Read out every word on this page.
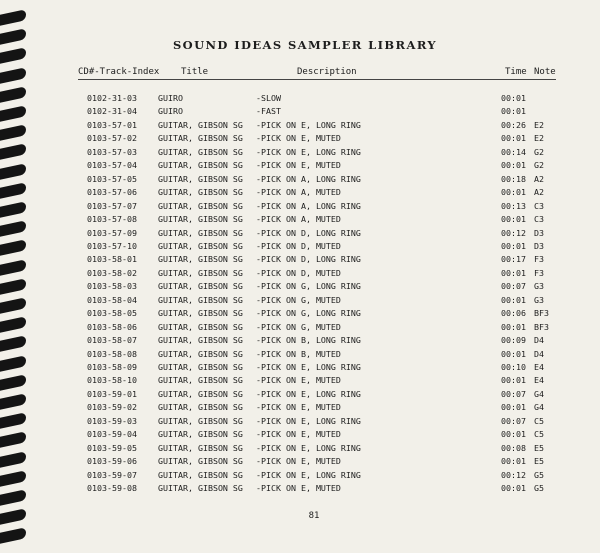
SOUND IDEAS SAMPLER LIBRARY
CD#-Track-Index Title	Description	Time Note
0102-31-03	GUIRO	-SLOW	00:01
0102-31-04	GUIRO	-FAST	00:01
0103-57-01	GUITAR, GIBSON SG -PICK ON E, LONG RING	00:26 E2
0103-57-02	GUITAR, GIBSON SG -PICK ON E, MUTED	00:01 E2
0103-57-03	GUITAR, GIBSON SG -PICK ON E, LONG RING	00:14 G2
0103-57-04	GUITAR, GIBSON SG -PICK ON E, MUTED	00:01 G2
0103-57-05	GUITAR, GIBSON SG -PICK ON A, LONG RING	00:18 A2
0103-57-06	GUITAR, GIBSON SG -PICK ON A, MUTED	00:01 A2
0103-57-07	GUITAR, GIBSON SG -PICK ON A, LONG RING	00:13 C3
0103-57-08	GUITAR, GIBSON SG -PICK ON A, MUTED	00:01 C3
0103-57-09	GUITAR, GIBSON SG -PICK ON D, LONG RING	00:12 D3
0103-57-10	GUITAR, GIBSON SG -PICK ON D, MUTED	00:01 D3
0103-58-01	GUITAR, GIBSON SG -PICK ON D, LONG RING	00:17 F3
0103-58-02	GUITAR, GIBSON SG -PICK ON D, MUTED	00:01 F3
0103-58-03	GUITAR, GIBSON SG -PICK ON G, LONG RING	00:07 G3
0103-58-04	GUITAR, GIBSON SG -PICK ON G, MUTED	00:01 G3
0103-58-05	GUITAR, GIBSON SG -PICK ON G, LONG RING	00:06 BF3
0103-58-06	GUITAR, GIBSON SG -PICK ON G, MUTED	00:01 BF3
0103-58-07	GUITAR, GIBSON SG -PICK ON B, LONG RING	00:09 D4
0103-58-08	GUITAR, GIBSON SG -PICK ON B, MUTED	00:01 D4
0103-58-09	GUITAR, GIBSON SG -PICK ON E, LONG RING	00:10 E4
0103-58-10	GUITAR, GIBSON SG -PICK ON E, MUTED	00:01 E4
0103-59-01	GUITAR, GIBSON SG -PICK ON E, LONG RING	00:07 G4
0103-59-02	GUITAR, GIBSON SG -PICK ON E, MUTED	00:01 G4
0103-59-03	GUITAR, GIBSON SG -PICK ON E, LONG RING	00:07 C5
0103-59-04	GUITAR, GIBSON SG -PICK ON E, MUTED	00:01 C5
0103-59-05	GUITAR, GIBSON SG -PICK ON E, LONG RING	00:08 E5
0103-59-06	GUITAR, GIBSON SG -PICK ON E, MUTED	00:01 E5
0103-59-07	GUITAR, GIBSON SG -PICK ON E, LONG RING	00:12 G5
0103-59-08	GUITAR, GIBSON SG -PICK ON E, MUTED	00:01 G5
81
